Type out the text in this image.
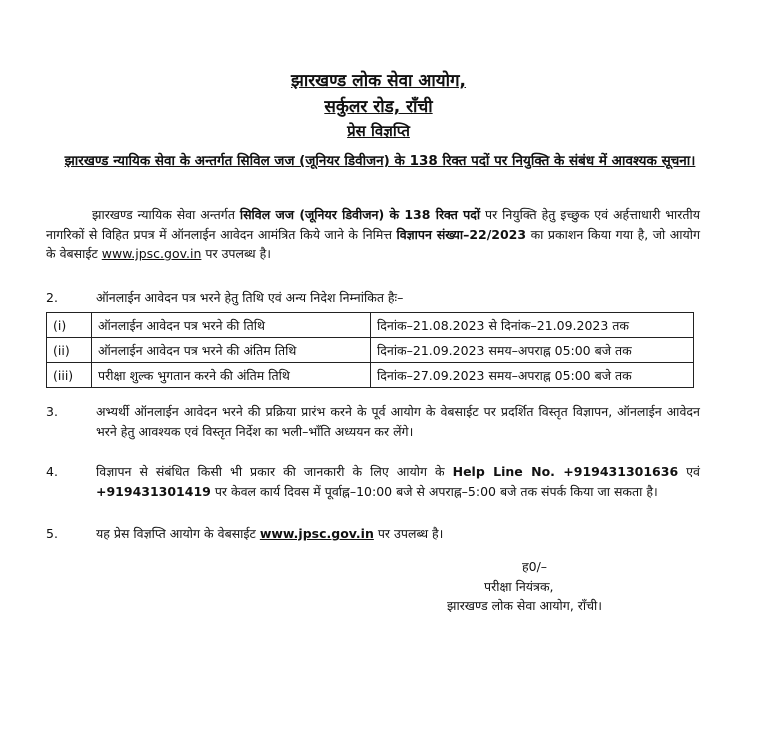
झारखण्ड लोक सेवा आयोग,
सर्कुलर रोड, राँची
प्रेस विज्ञप्ति
झारखण्ड न्यायिक सेवा के अन्तर्गत सिविल जज (जूनियर डिवीजन) के 138 रिक्त पदों पर नियुक्ति के संबंध में आवश्यक सूचना।
झारखण्ड न्यायिक सेवा अन्तर्गत सिविल जज (जूनियर डिवीजन) के 138 रिक्त पदों पर नियुक्ति हेतु इच्छुक एवं अर्हत्ताधारी भारतीय नागरिकों से विहित प्रपत्र में ऑनलाईन आवेदन आमंत्रित किये जाने के निमित्त विज्ञापन संख्या–22/2023 का प्रकाशन किया गया है, जो आयोग के वेबसाईट www.jpsc.gov.in पर उपलब्ध है।
2.	ऑनलाईन आवेदन पत्र भरने हेतु तिथि एवं अन्य निदेश निम्नांकित हैः–
(i)	ऑनलाईन आवेदन पत्र भरने की तिथि	दिनांक–21.08.2023 से दिनांक–21.09.2023 तक
(ii)	ऑनलाईन आवेदन पत्र भरने की अंतिम तिथि	दिनांक–21.09.2023 समय–अपराह्न 05:00 बजे तक
(iii)	परीक्षा शुल्क भुगतान करने की अंतिम तिथि	दिनांक–27.09.2023 समय–अपराह्न 05:00 बजे तक
3.	अभ्यर्थी ऑनलाईन आवेदन भरने की प्रक्रिया प्रारंभ करने के पूर्व आयोग के वेबसाईट पर प्रदर्शित विस्तृत विज्ञापन, ऑनलाईन आवेदन भरने हेतु आवश्यक एवं विस्तृत निर्देश का भली–भाँति अध्ययन कर लेंगे।
4.	विज्ञापन से संबंधित किसी भी प्रकार की जानकारी के लिए आयोग के Help Line No. +919431301636 एवं +919431301419 पर केवल कार्य दिवस में पूर्वाह्न–10:00 बजे से अपराह्न–5:00 बजे तक संपर्क किया जा सकता है।
5.	यह प्रेस विज्ञप्ति आयोग के वेबसाईट www.jpsc.gov.in पर उपलब्ध है।
ह0/–
परीक्षा नियंत्रक,
झारखण्ड लोक सेवा आयोग, राँची।
